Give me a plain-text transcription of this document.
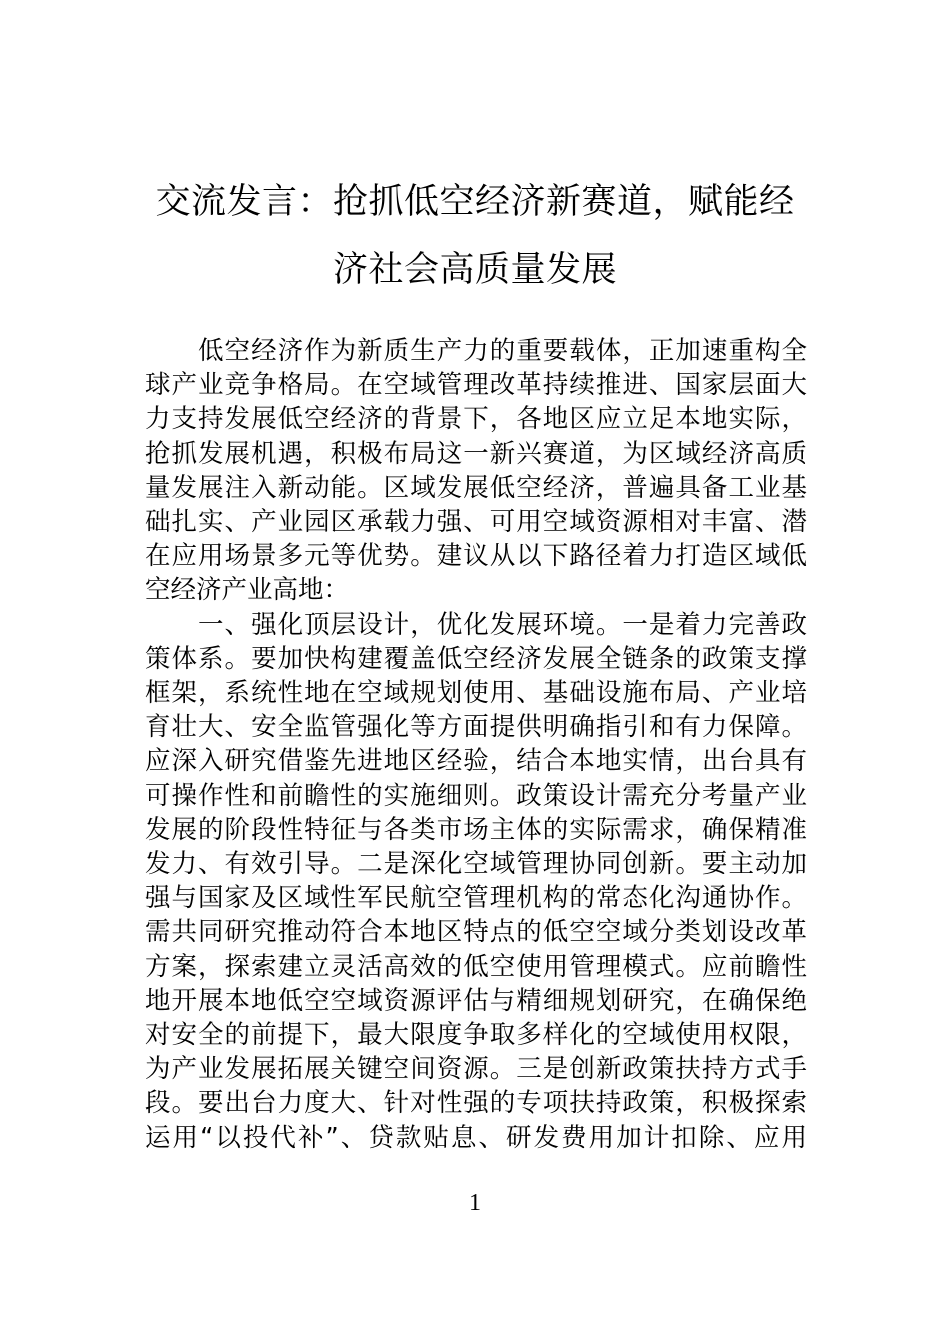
交流发言：抢抓低空经济新赛道，赋能经
济社会高质量发展
　　低空经济作为新质生产力的重要载体，正加速重构全
球产业竞争格局。在空域管理改革持续推进、国家层面大
力支持发展低空经济的背景下，各地区应立足本地实际，
抢抓发展机遇，积极布局这一新兴赛道，为区域经济高质
量发展注入新动能。区域发展低空经济，普遍具备工业基
础扎实、产业园区承载力强、可用空域资源相对丰富、潜
在应用场景多元等优势。建议从以下路径着力打造区域低
空经济产业高地：
　　一、强化顶层设计，优化发展环境。一是着力完善政
策体系。要加快构建覆盖低空经济发展全链条的政策支撑
框架，系统性地在空域规划使用、基础设施布局、产业培
育壮大、安全监管强化等方面提供明确指引和有力保障。
应深入研究借鉴先进地区经验，结合本地实情，出台具有
可操作性和前瞻性的实施细则。政策设计需充分考量产业
发展的阶段性特征与各类市场主体的实际需求，确保精准
发力、有效引导。二是深化空域管理协同创新。要主动加
强与国家及区域性军民航空管理机构的常态化沟通协作。
需共同研究推动符合本地区特点的低空空域分类划设改革
方案，探索建立灵活高效的低空使用管理模式。应前瞻性
地开展本地低空空域资源评估与精细规划研究，在确保绝
对安全的前提下，最大限度争取多样化的空域使用权限，
为产业发展拓展关键空间资源。三是创新政策扶持方式手
段。要出台力度大、针对性强的专项扶持政策，积极探索
运用“以投代补”、贷款贴息、研发费用加计扣除、应用
1
